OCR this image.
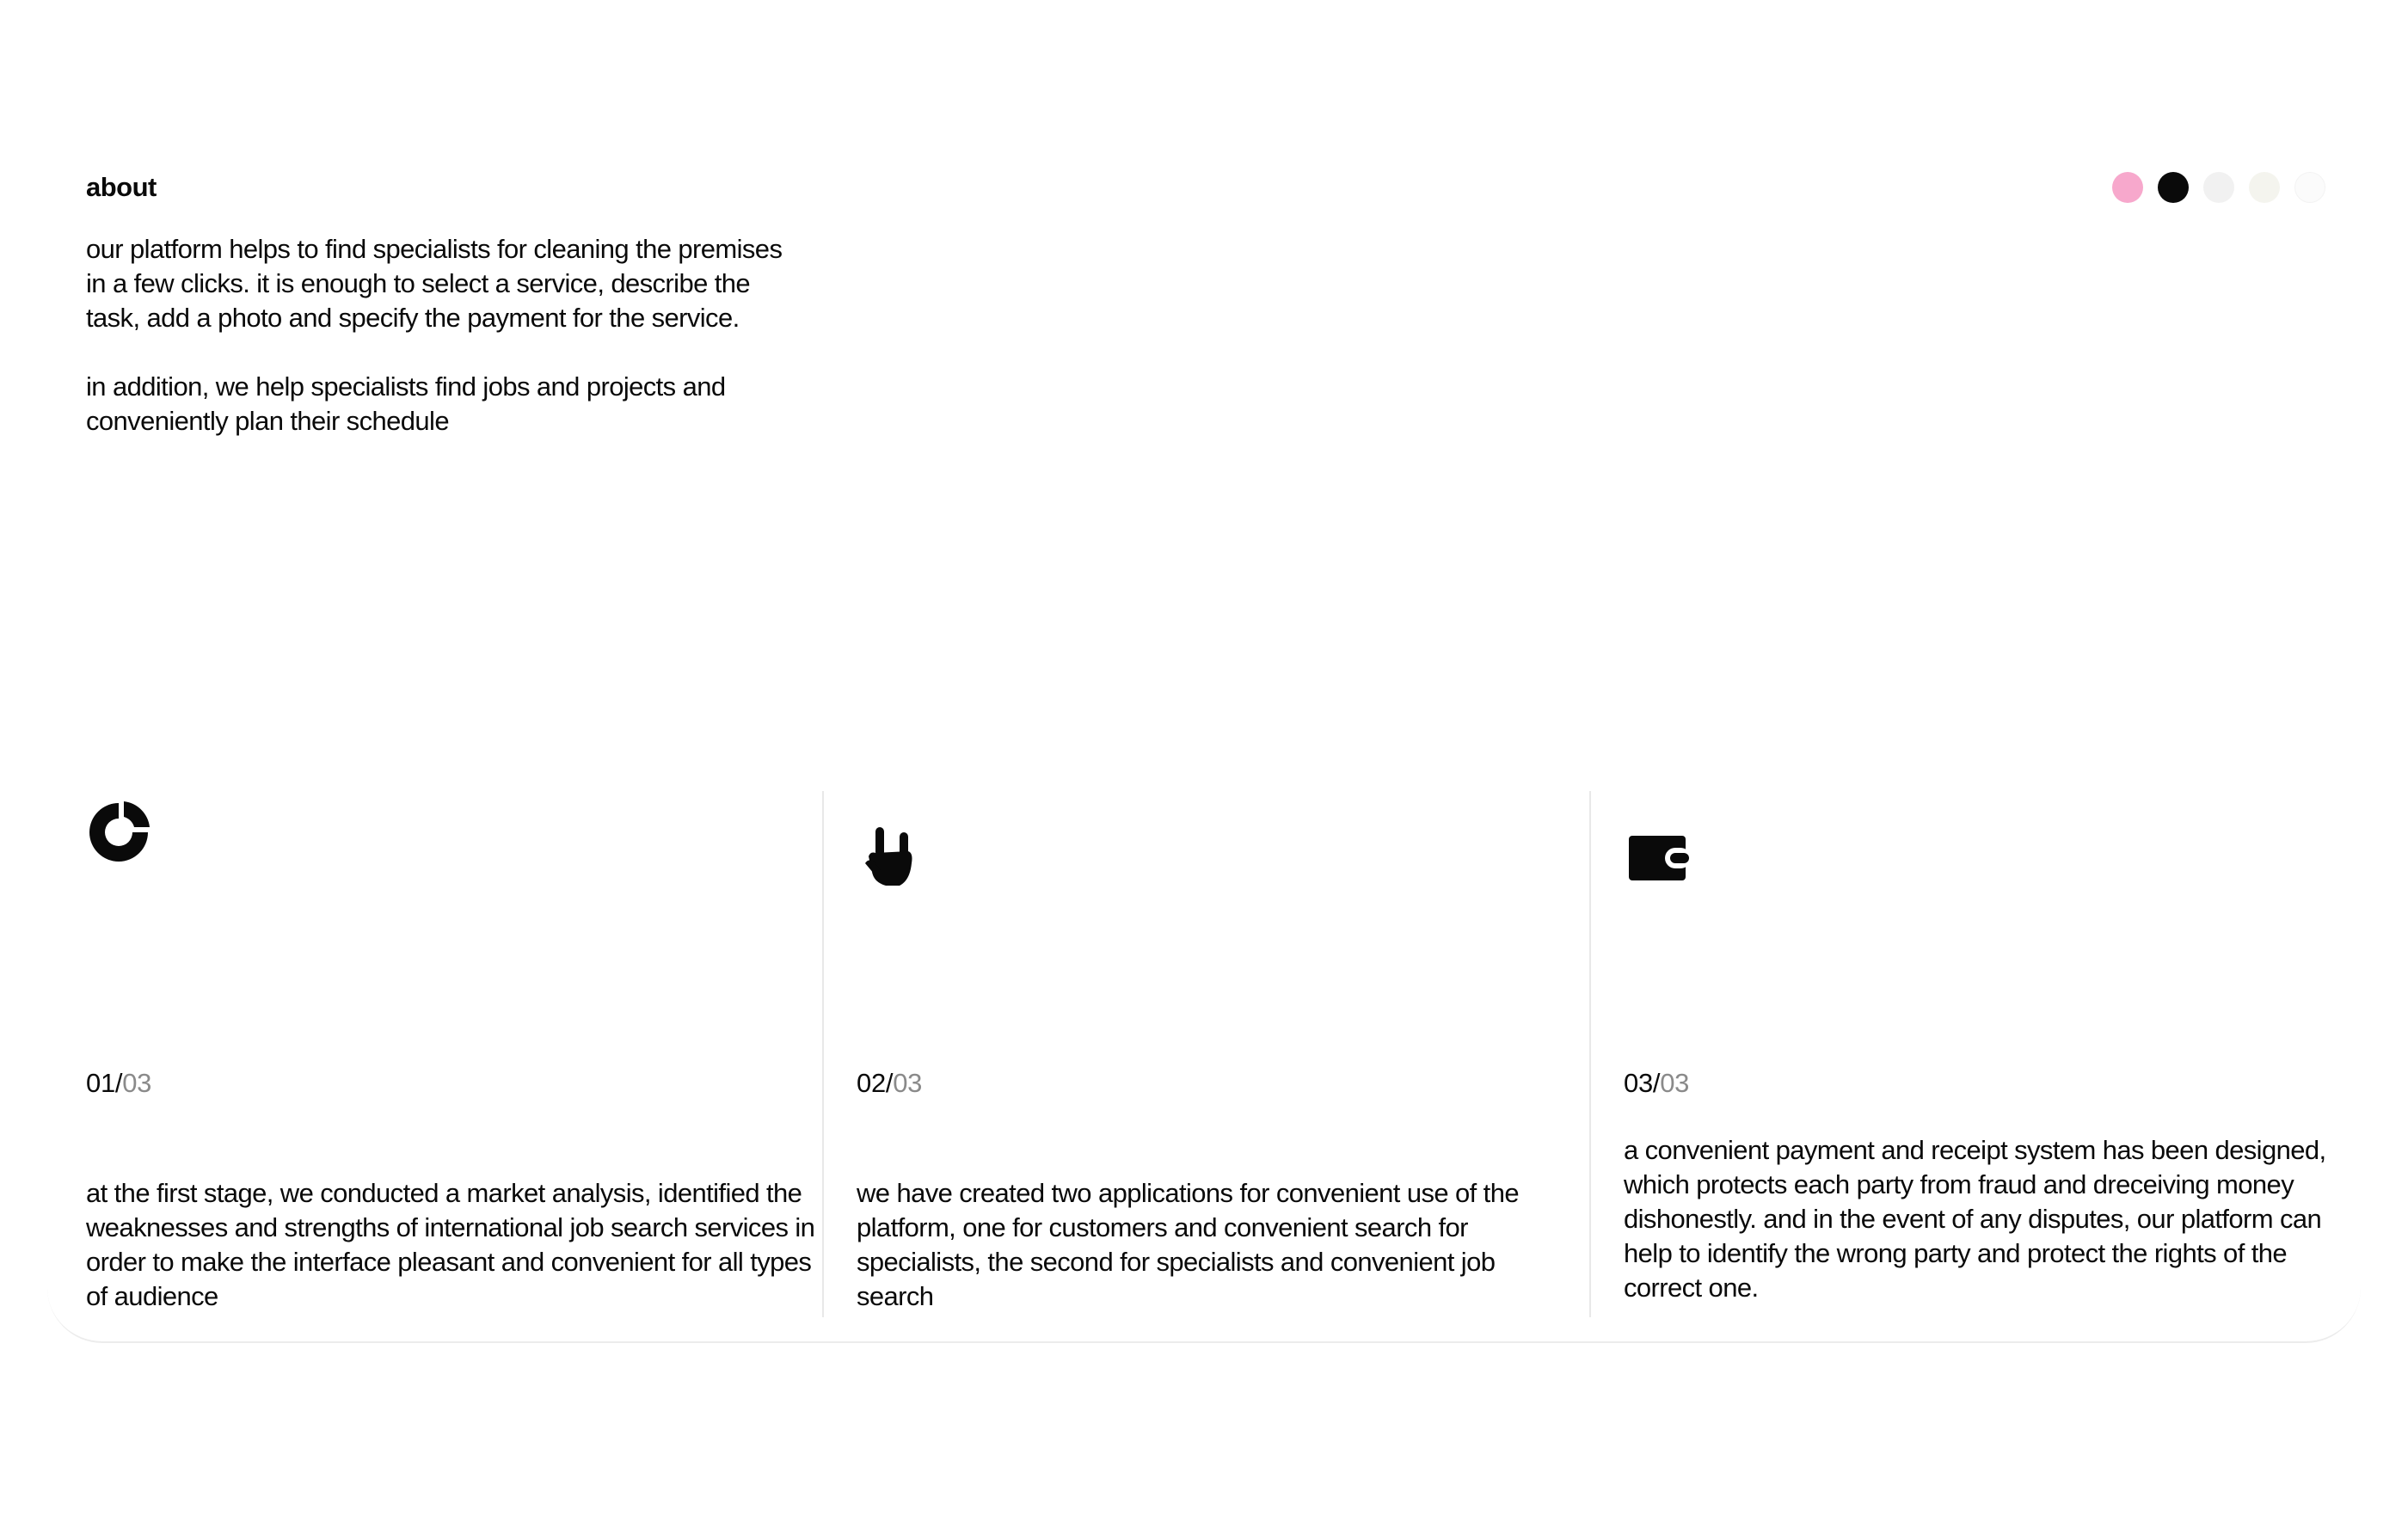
about

our platform helps to find specialists for cleaning the premises in a few clicks. it is enough to select a service, describe the task, add a photo and specify the payment for the service.

in addition, we help specialists find jobs and projects and conveniently plan their schedule

01/03

at the first stage, we conducted a market analysis, identified the weaknesses and strengths of international job search services in order to make the interface pleasant and convenient for all types of audience

02/03

we have created two applications for convenient use of the platform, one for customers and convenient search for specialists, the second for specialists and convenient job search

03/03

a convenient payment and receipt system has been designed, which protects each party from fraud and dreceiving money dishonestly. and in the event of any disputes, our platform can help to identify the wrong party and protect the rights of the correct one.
